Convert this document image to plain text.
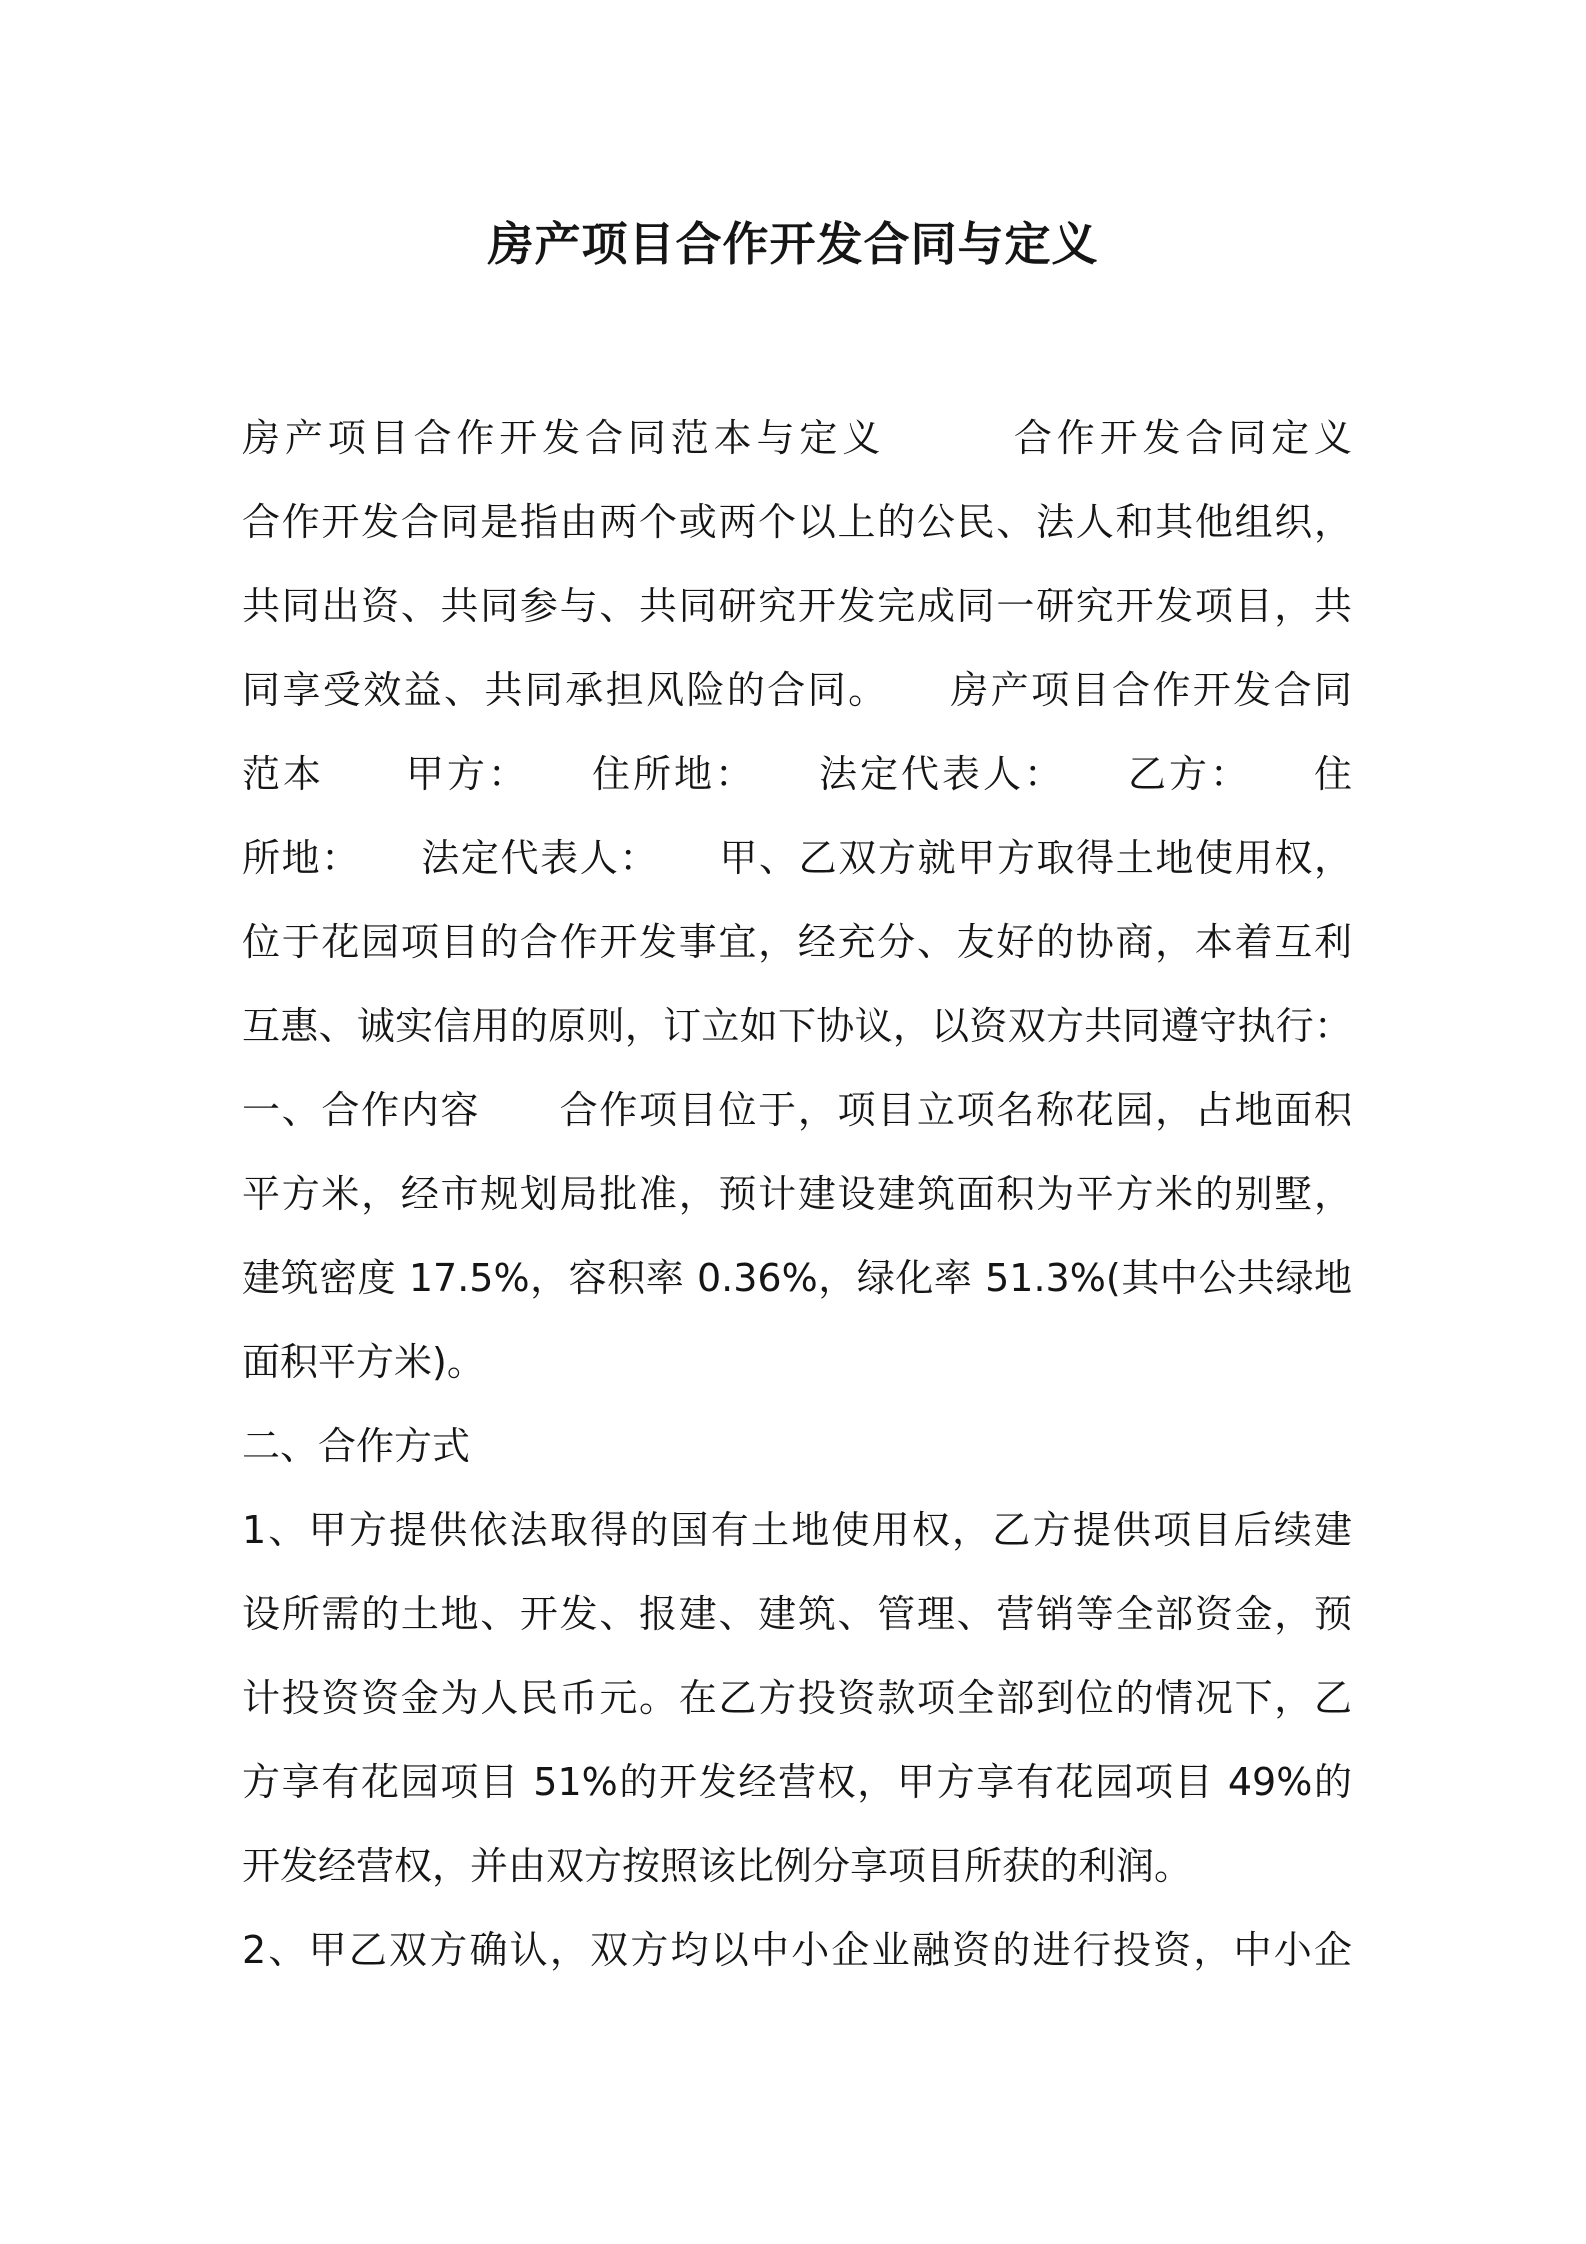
房产项目合作开发合同与定义
房产项目合作开发合同范本与定义　　　合作开发合同定义
合作开发合同是指由两个或两个以上的公民、法人和其他组织，
共同出资、共同参与、共同研究开发完成同一研究开发项目，共
同享受效益、共同承担风险的合同。　　房产项目合作开发合同
范本　　甲方：　　住所地：　　法定代表人：　　乙方：　　住
所地：　　法定代表人：　　甲、乙双方就甲方取得土地使用权，
位于花园项目的合作开发事宜，经充分、友好的协商，本着互利
互惠、诚实信用的原则，订立如下协议，以资双方共同遵守执行：
一、合作内容　　合作项目位于，项目立项名称花园，占地面积
平方米，经市规划局批准，预计建设建筑面积为平方米的别墅，
建筑密度 17.5%，容积率 0.36%，绿化率 51.3%(其中公共绿地
面积平方米)。
二、合作方式
1、甲方提供依法取得的国有土地使用权，乙方提供项目后续建
设所需的土地、开发、报建、建筑、管理、营销等全部资金，预
计投资资金为人民币元。在乙方投资款项全部到位的情况下，乙
方享有花园项目 51%的开发经营权，甲方享有花园项目 49%的
开发经营权，并由双方按照该比例分享项目所获的利润。
2、甲乙双方确认，双方均以中小企业融资的进行投资，中小企
